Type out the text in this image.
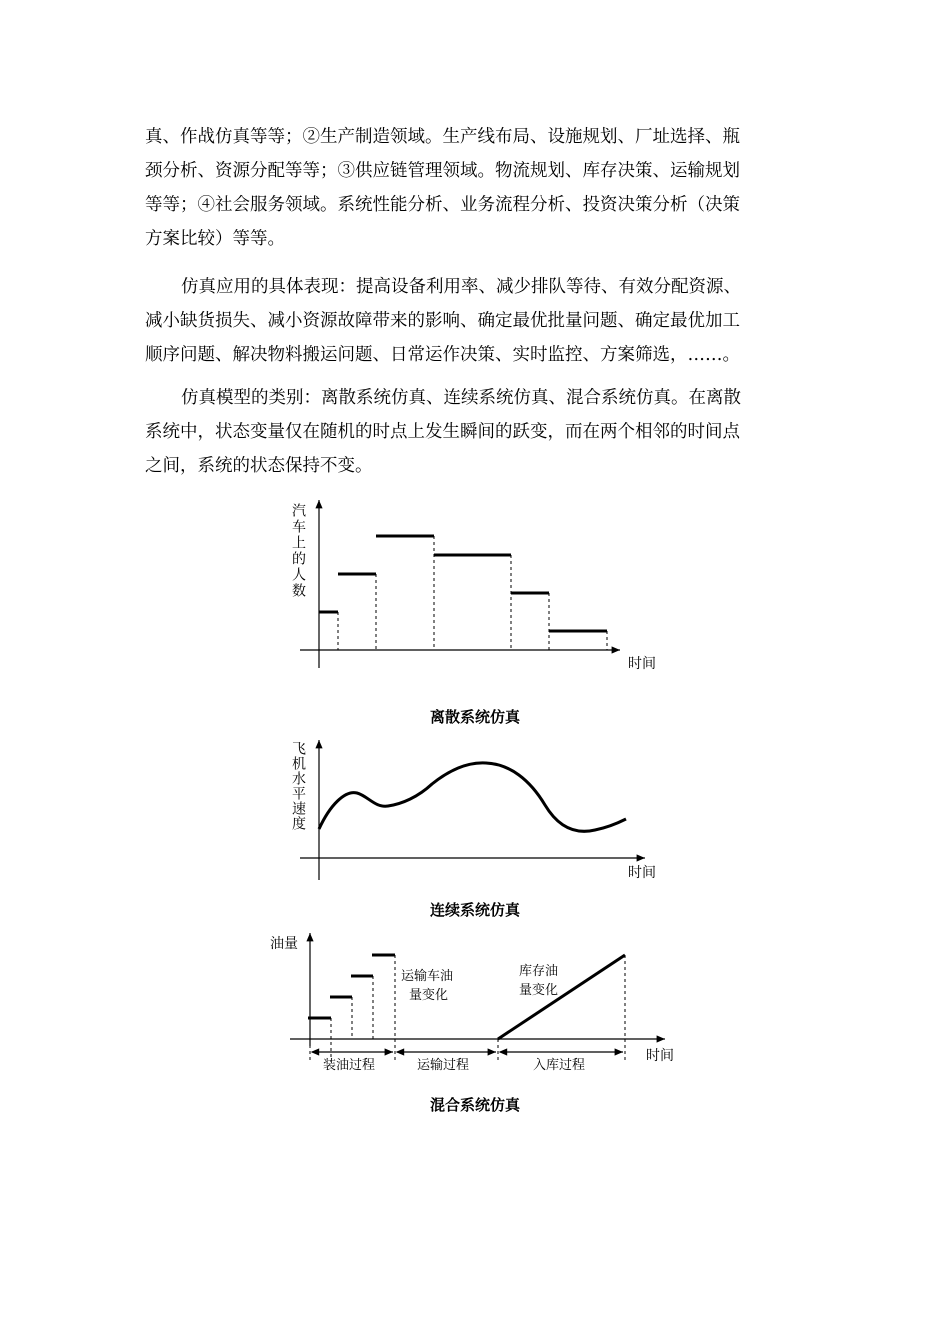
真、作战仿真等等；②生产制造领域。生产线布局、设施规划、厂址选择、瓶
颈分析、资源分配等等；③供应链管理领域。物流规划、库存决策、运输规划
等等；④社会服务领域。系统性能分析、业务流程分析、投资决策分析（决策
方案比较）等等。

仿真应用的具体表现：提高设备利用率、减少排队等待、有效分配资源、
减小缺货损失、减小资源故障带来的影响、确定最优批量问题、确定最优加工
顺序问题、解决物料搬运问题、日常运作决策、实时监控、方案筛选，……。

仿真模型的类别：离散系统仿真、连续系统仿真、混合系统仿真。在离散
系统中，状态变量仅在随机的时点上发生瞬间的跃变，而在两个相邻的时间点
之间，系统的状态保持不变。

汽车上的人数
时间
离散系统仿真
飞机水平速度
时间
连续系统仿真
油量
时间
运输车油
量变化
库存油
量变化
装油过程	运输过程	入库过程
混合系统仿真
